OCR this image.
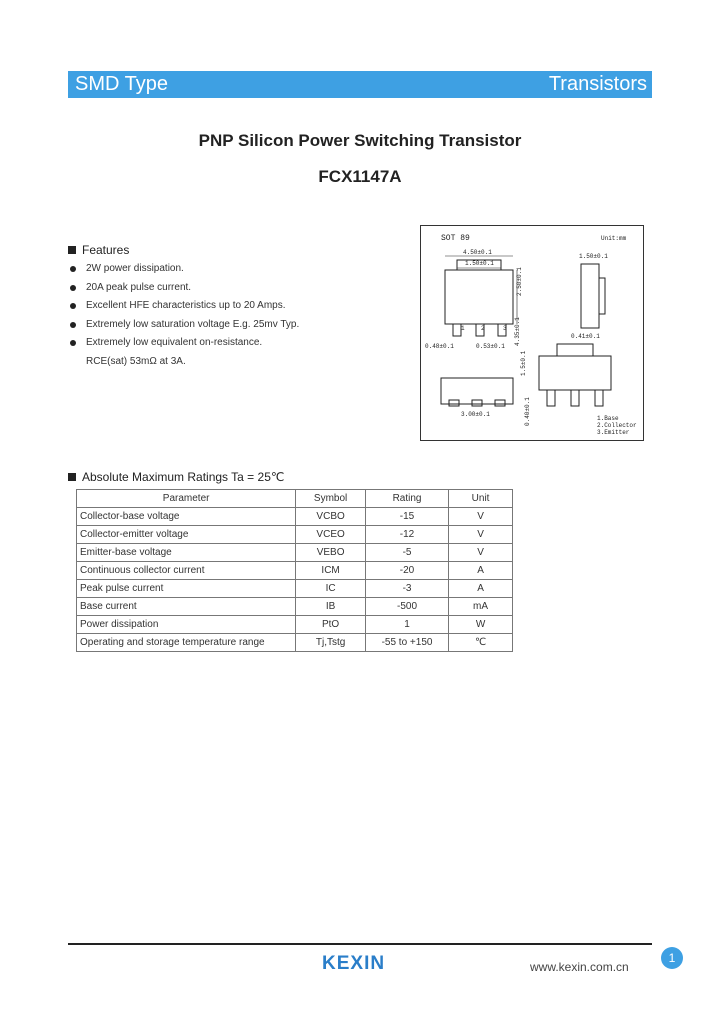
SMD Type	Transistors
PNP Silicon Power Switching Transistor
FCX1147A
Features
2W power dissipation.
20A peak pulse current.
Excellent HFE characteristics up to 20 Amps.
Extremely low saturation voltage E.g. 25mv Typ.
Extremely low equivalent on-resistance.
RCE(sat) 53mΩ at 3A.
SOT 89	Unit:mm
1	2	3
4.50±0.1
1.50±0.1
0.48±0.1	0.53±0.1
2.50±0.1
1.50±0.1
0.41±0.1
3.00±0.1
1.5±0.1
0.40±0.1
4.35±0.1
1.Base
2.Collector
3.Emitter
Absolute Maximum Ratings Ta = 25℃
Parameter	Symbol	Rating	Unit
Collector-base voltage	VCBO	-15	V
Collector-emitter voltage	VCEO	-12	V
Emitter-base voltage	VEBO	-5	V
Continuous collector current	ICM	-20	A
Peak pulse current	IC	-3	A
Base current	IB	-500	mA
Power dissipation	PtO	1	W
Operating and storage temperature range	Tj,Tstg	-55 to +150	℃
KEXIN	www.kexin.com.cn
1
